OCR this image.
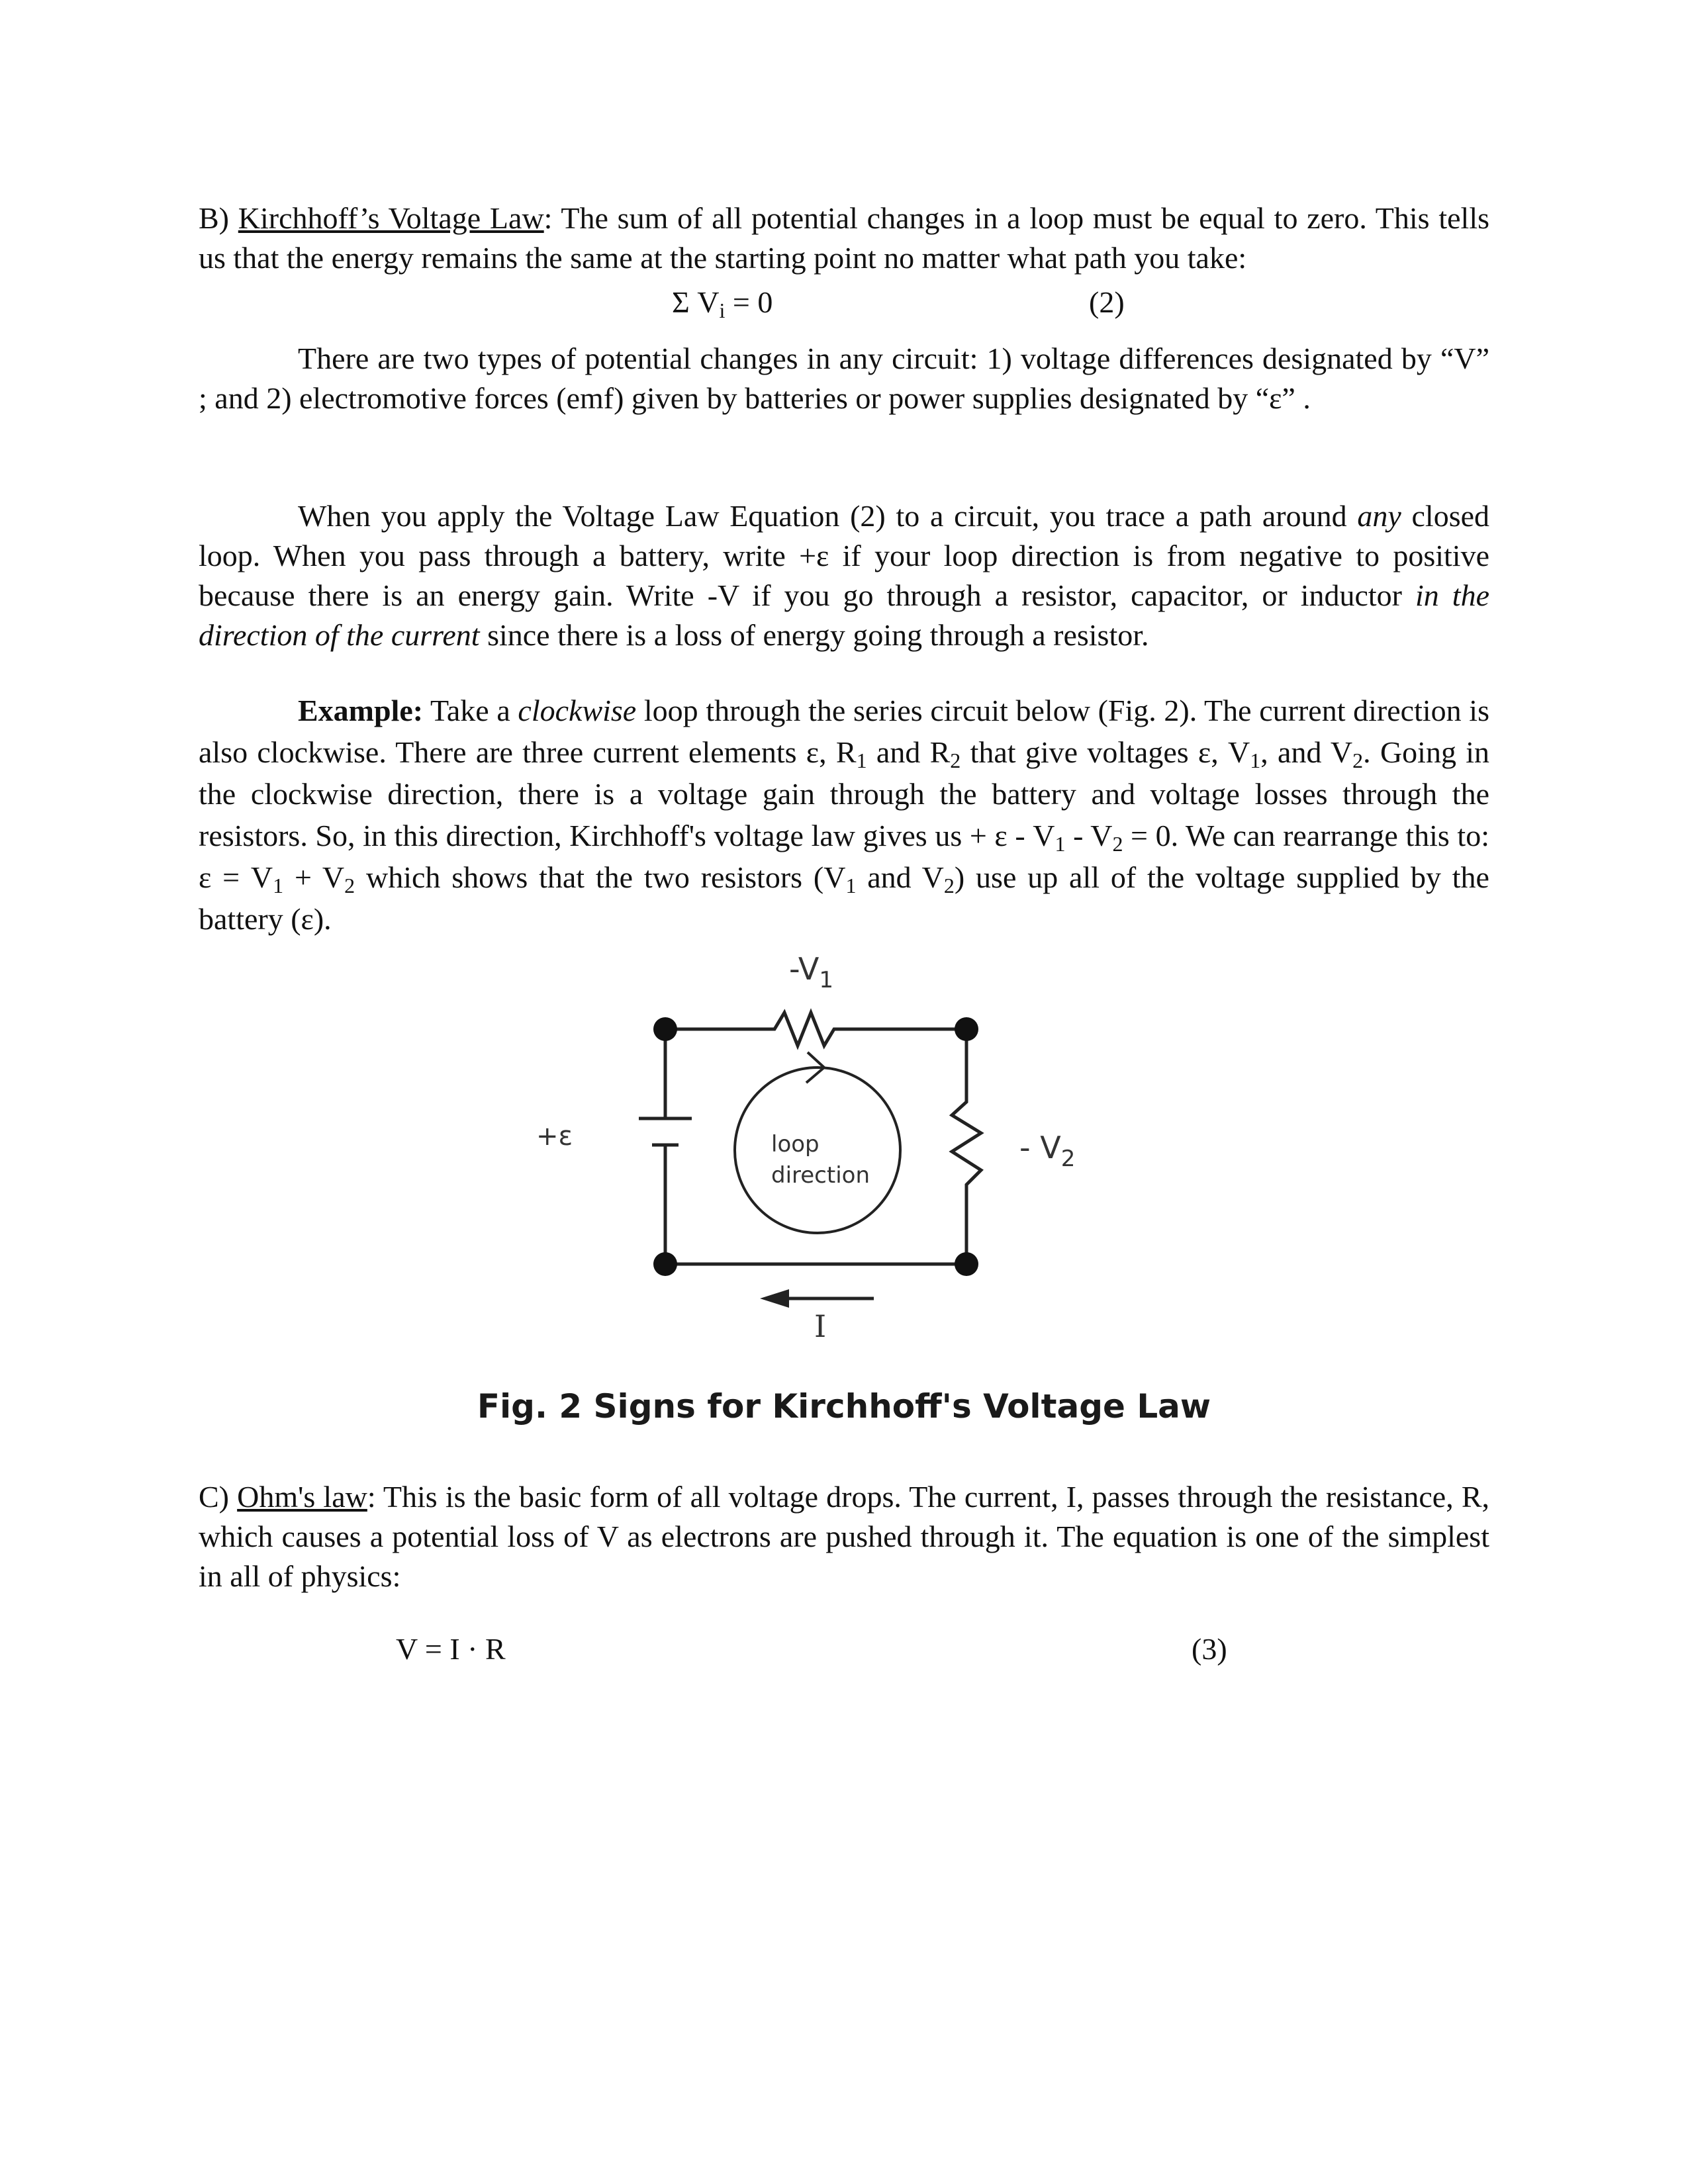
B) Kirchhoff’s Voltage Law: The sum of all potential changes in a loop must be equal to zero. This tells us that the energy remains the same at the starting point no matter what path you take:
Σ $V_i = 0$	(2)
There are two types of potential changes in any circuit: 1) voltage differences designated by “V” ; and 2) electromotive forces (emf) given by batteries or power supplies designated by “ε” .
When you apply the Voltage Law Equation (2) to a circuit, you trace a path around any closed loop. When you pass through a battery, write +ε if your loop direction is from negative to positive because there is an energy gain. Write -V if you go through a resistor, capacitor, or inductor in the direction of the current since there is a loss of energy going through a resistor.
Example: Take a clockwise loop through the series circuit below (Fig. 2). The current direction is also clockwise. There are three current elements ε, $R_1$ and $R_2$ that give voltages ε, $V_1$, and $V_2$. Going in the clockwise direction, there is a voltage gain through the battery and voltage losses through the resistors. So, in this direction, Kirchhoff's voltage law gives us + $\varepsilon - V_1 - V_2 = 0$. We can rearrange this to: $\varepsilon = V_1 + V_2$ which shows that the two resistors ($V_1$ and $V_2$) use up all of the voltage supplied by the battery (ε).
$-V_1$
+ε	- $V_2$
loop
direction
I
Fig. 2 Signs for Kirchhoff's Voltage Law
C) Ohm's law: This is the basic form of all voltage drops. The current, I, passes through the resistance, R, which causes a potential loss of V as electrons are pushed through it. The equation is one of the simplest in all of physics:
V = I · R	(3)
